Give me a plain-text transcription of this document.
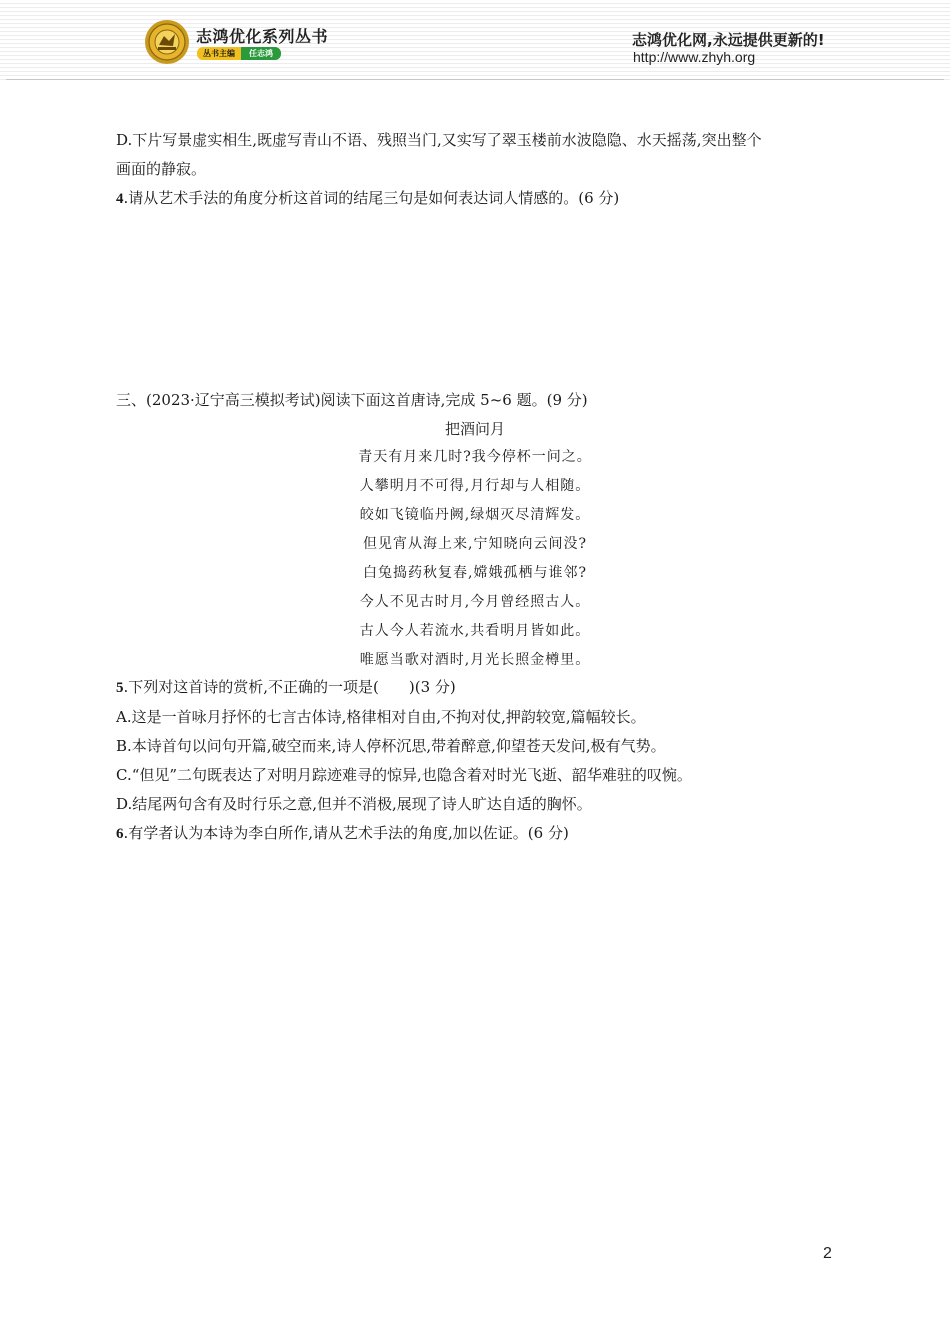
志鸿优化系列丛书
丛书主编	任志鸿
志鸿优化网,永远提供更新的!
http://www.zhyh.org
D.下片写景虚实相生,既虚写青山不语、残照当门,又实写了翠玉楼前水波隐隐、水天摇荡,突出整个
画面的静寂。
4.请从艺术手法的角度分析这首词的结尾三句是如何表达词人情感的。(6 分)
三、(2023·辽宁高三模拟考试)阅读下面这首唐诗,完成 5~6 题。(9 分)
把酒问月
青天有月来几时?我今停杯一问之。
人攀明月不可得,月行却与人相随。
皎如飞镜临丹阙,绿烟灭尽清辉发。
但见宵从海上来,宁知晓向云间没?
白兔捣药秋复春,嫦娥孤栖与谁邻?
今人不见古时月,今月曾经照古人。
古人今人若流水,共看明月皆如此。
唯愿当歌对酒时,月光长照金樽里。
5.下列对这首诗的赏析,不正确的一项是(　　)(3 分)
A.这是一首咏月抒怀的七言古体诗,格律相对自由,不拘对仗,押韵较宽,篇幅较长。
B.本诗首句以问句开篇,破空而来,诗人停杯沉思,带着醉意,仰望苍天发问,极有气势。
C.“但见”二句既表达了对明月踪迹难寻的惊异,也隐含着对时光飞逝、韶华难驻的叹惋。
D.结尾两句含有及时行乐之意,但并不消极,展现了诗人旷达自适的胸怀。
6.有学者认为本诗为李白所作,请从艺术手法的角度,加以佐证。(6 分)
2
